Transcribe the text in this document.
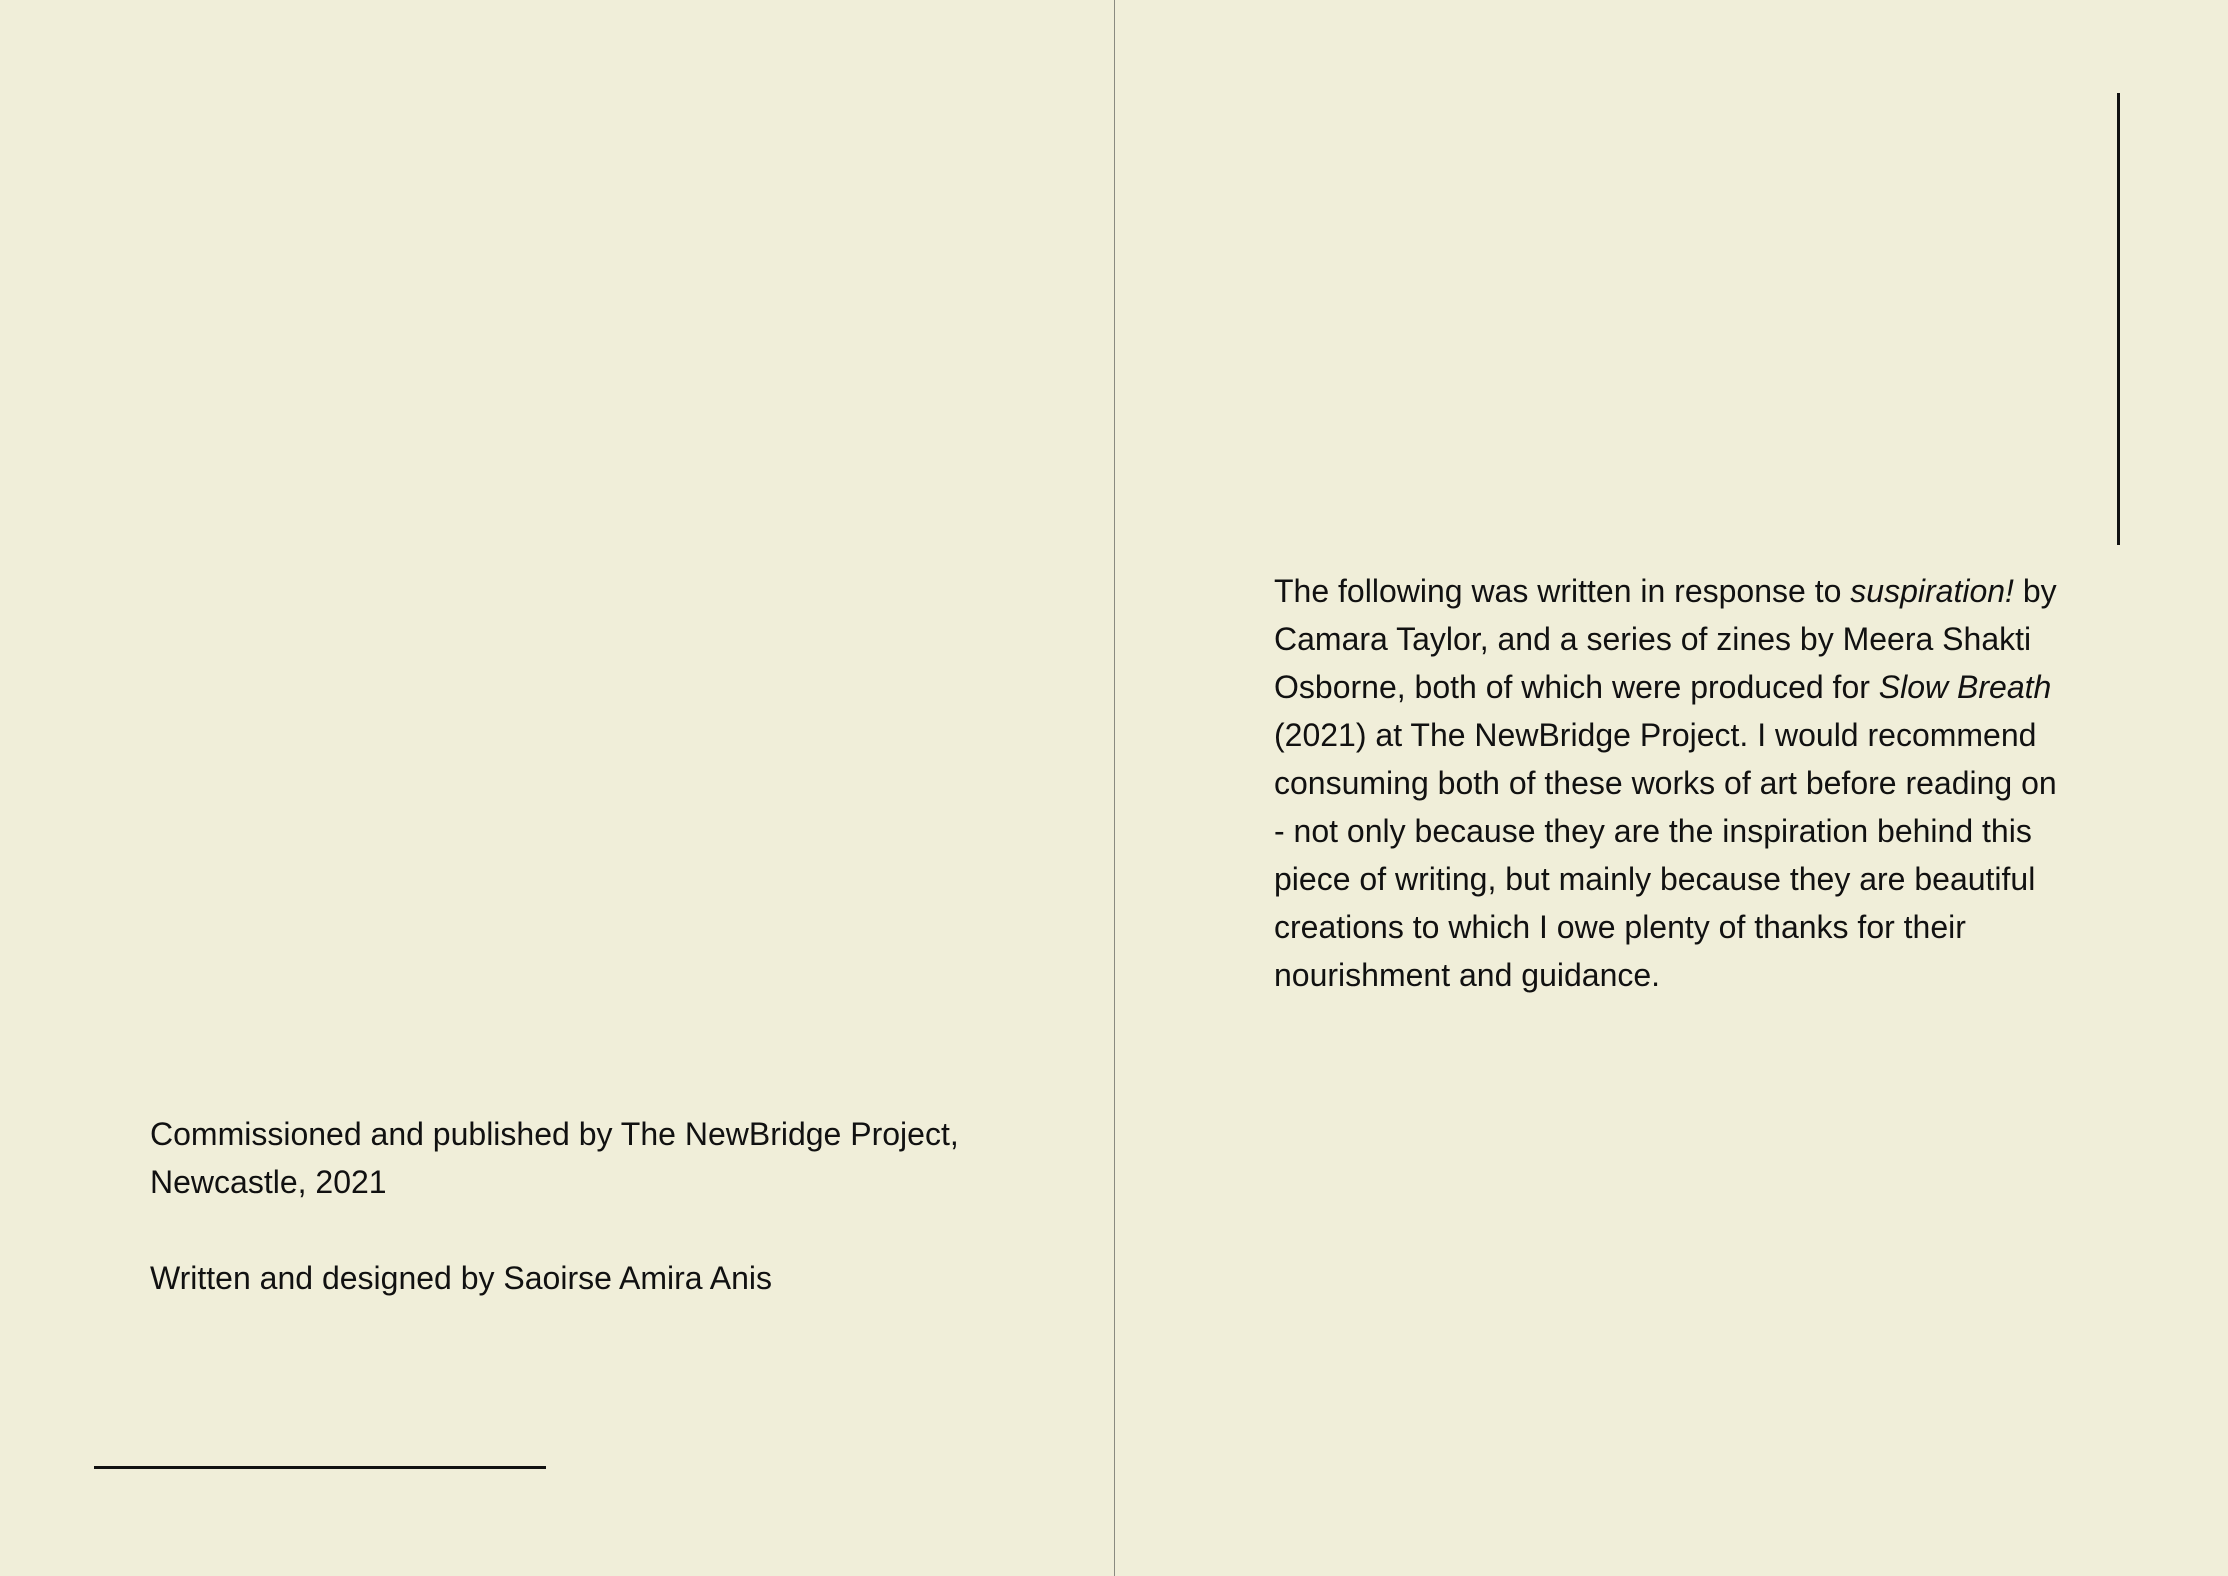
Commissioned and published by The NewBridge Project, Newcastle, 2021

Written and designed by Saoirse Amira Anis

The following was written in response to suspiration! by Camara Taylor, and a series of zines by Meera Shakti Osborne, both of which were produced for Slow Breath (2021) at The NewBridge Project. I would recommend consuming both of these works of art before reading on - not only because they are the inspiration behind this piece of writing, but mainly because they are beautiful creations to which I owe plenty of thanks for their nourishment and guidance.
